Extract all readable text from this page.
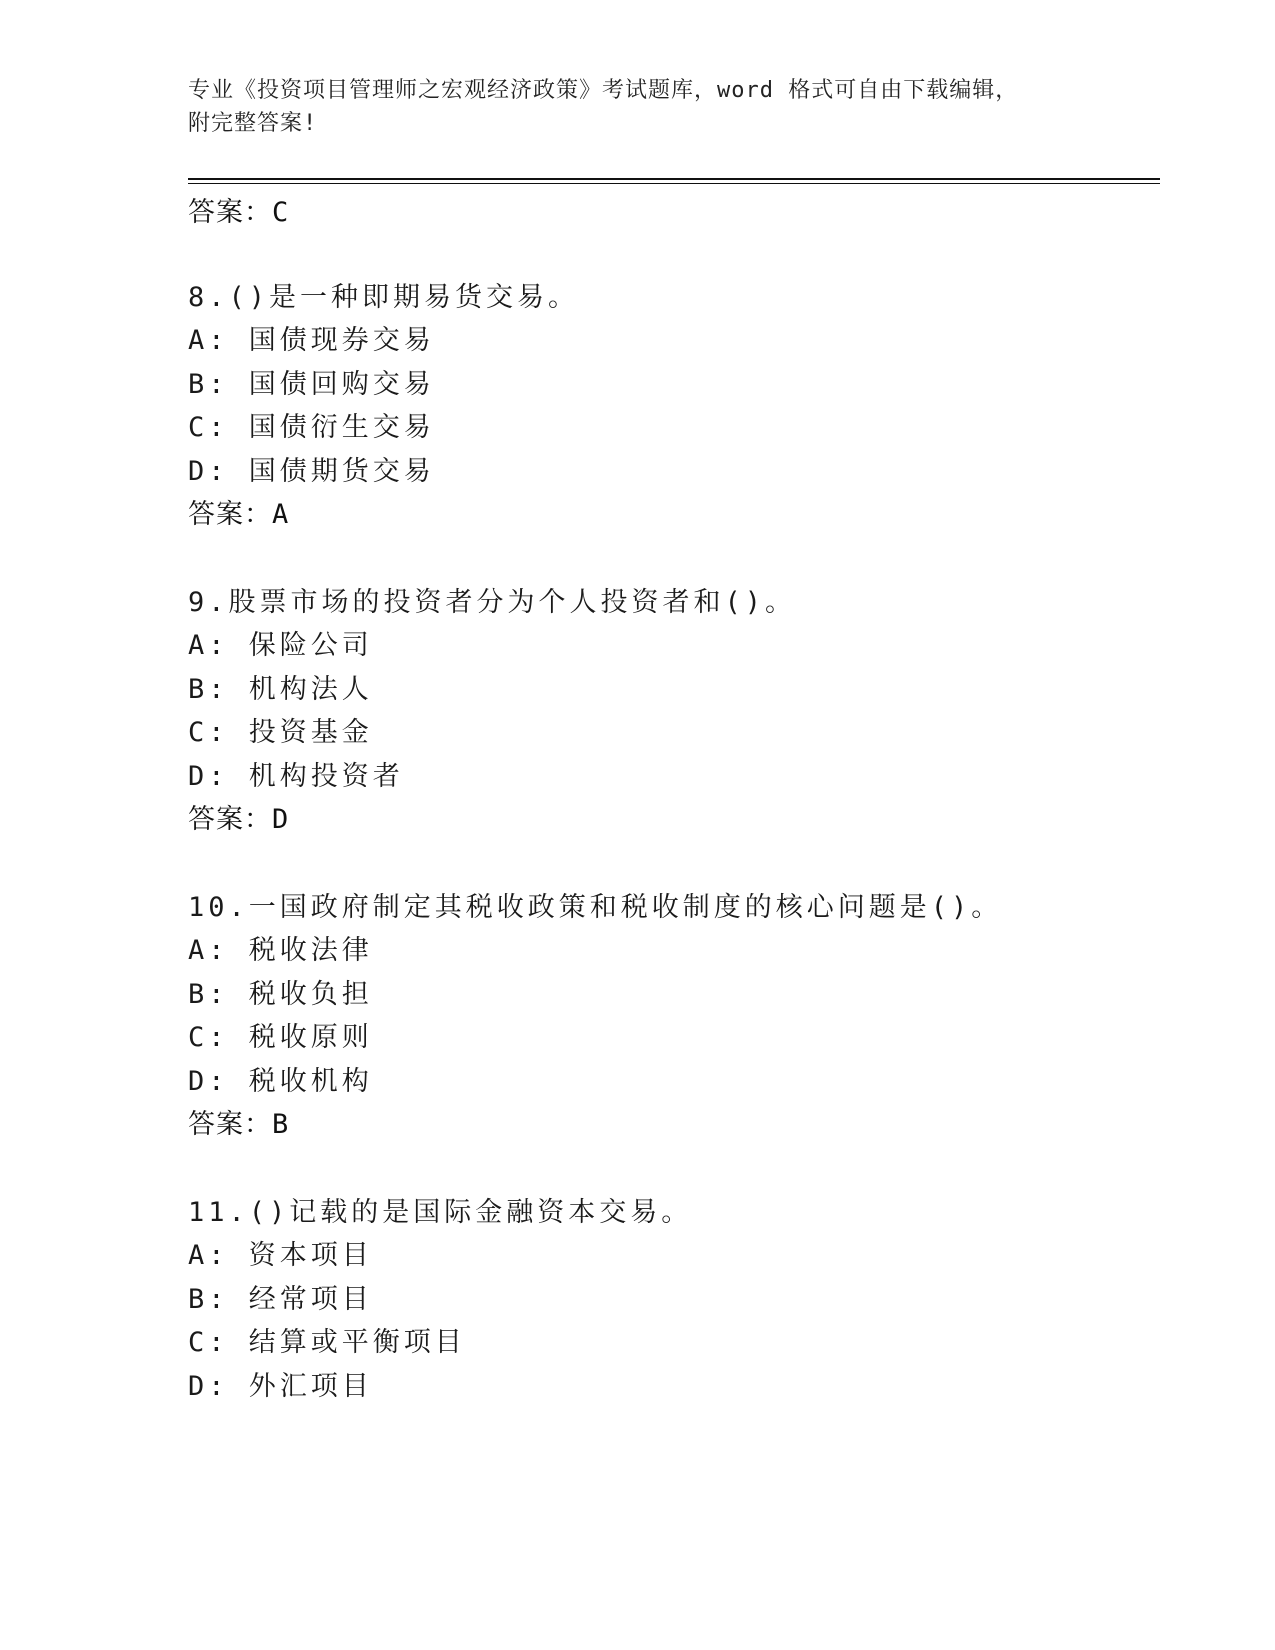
专业《投资项目管理师之宏观经济政策》考试题库，word 格式可自由下载编辑，
附完整答案!
答案：C
8.()是一种即期易货交易。
A: 国债现券交易
B: 国债回购交易
C: 国债衍生交易
D: 国债期货交易
答案：A
9.股票市场的投资者分为个人投资者和()。
A: 保险公司
B: 机构法人
C: 投资基金
D: 机构投资者
答案：D
10.一国政府制定其税收政策和税收制度的核心问题是()。
A: 税收法律
B: 税收负担
C: 税收原则
D: 税收机构
答案：B
11.()记载的是国际金融资本交易。
A: 资本项目
B: 经常项目
C: 结算或平衡项目
D: 外汇项目
